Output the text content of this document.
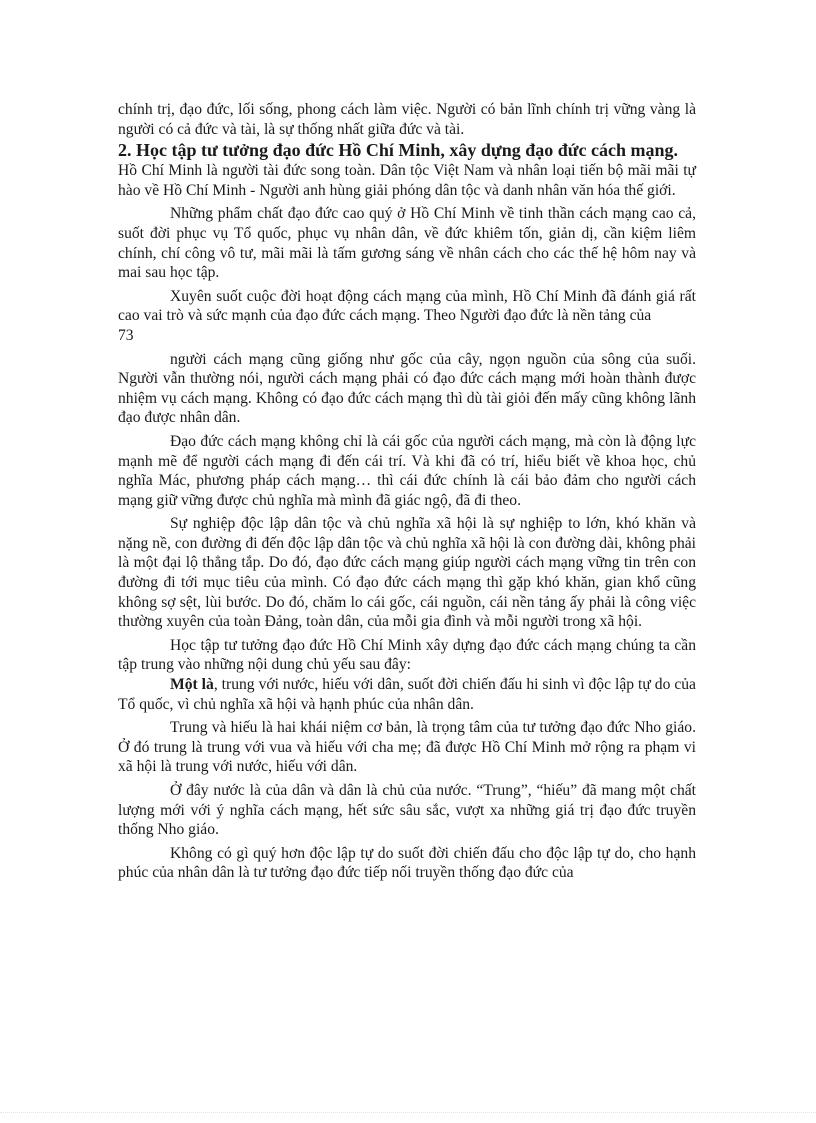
chính trị, đạo đức, lối sống, phong cách làm việc. Người có bản lĩnh chính trị vững vàng là người có cả đức và tài, là sự thống nhất giữa đức và tài.

2. Học tập tư tưởng đạo đức Hồ Chí Minh, xây dựng đạo đức cách mạng.

Hồ Chí Minh là người tài đức song toàn. Dân tộc Việt Nam và nhân loại tiến bộ mãi mãi tự hào về Hồ Chí Minh - Người anh hùng giải phóng dân tộc và danh nhân văn hóa thế giới.

Những phẩm chất đạo đức cao quý ở Hồ Chí Minh về tinh thần cách mạng cao cả, suốt đời phục vụ Tổ quốc, phục vụ nhân dân, về đức khiêm tốn, giản dị, cần kiệm liêm chính, chí công vô tư, mãi mãi là tấm gương sáng về nhân cách cho các thế hệ hôm nay và mai sau học tập.

Xuyên suốt cuộc đời hoạt động cách mạng của mình, Hồ Chí Minh đã đánh giá rất cao vai trò và sức mạnh của đạo đức cách mạng. Theo Người đạo đức là nền tảng của

73

người cách mạng cũng giống như gốc của cây, ngọn nguồn của sông của suối. Người vẫn thường nói, người cách mạng phải có đạo đức cách mạng mới hoàn thành được nhiệm vụ cách mạng. Không có đạo đức cách mạng thì dù tài giỏi đến mấy cũng không lãnh đạo được nhân dân.

Đạo đức cách mạng không chỉ là cái gốc của người cách mạng, mà còn là động lực mạnh mẽ để người cách mạng đi đến cái trí. Và khi đã có trí, hiểu biết về khoa học, chủ nghĩa Mác, phương pháp cách mạng… thì cái đức chính là cái bảo đảm cho người cách mạng giữ vững được chủ nghĩa mà mình đã giác ngộ, đã đi theo.

Sự nghiệp độc lập dân tộc và chủ nghĩa xã hội là sự nghiệp to lớn, khó khăn và nặng nề, con đường đi đến độc lập dân tộc và chủ nghĩa xã hội là con đường dài, không phải là một đại lộ thẳng tắp. Do đó, đạo đức cách mạng giúp người cách mạng vững tin trên con đường đi tới mục tiêu của mình. Có đạo đức cách mạng thì gặp khó khăn, gian khổ cũng không sợ sệt, lùi bước. Do đó, chăm lo cái gốc, cái nguồn, cái nền tảng ấy phải là công việc thường xuyên của toàn Đảng, toàn dân, của mỗi gia đình và mỗi người trong xã hội.

Học tập tư tưởng đạo đức Hồ Chí Minh xây dựng đạo đức cách mạng chúng ta cần tập trung vào những nội dung chủ yếu sau đây:

Một là, trung với nước, hiếu với dân, suốt đời chiến đấu hi sinh vì độc lập tự do của Tổ quốc, vì chủ nghĩa xã hội và hạnh phúc của nhân dân.

Trung và hiếu là hai khái niệm cơ bản, là trọng tâm của tư tưởng đạo đức Nho giáo. Ở đó trung là trung với vua và hiếu với cha mẹ; đã được Hồ Chí Minh mở rộng ra phạm vi xã hội là trung với nước, hiếu với dân.

Ở đây nước là của dân và dân là chủ của nước. “Trung”, “hiếu” đã mang một chất lượng mới với ý nghĩa cách mạng, hết sức sâu sắc, vượt xa những giá trị đạo đức truyền thống Nho giáo.

Không có gì quý hơn độc lập tự do suốt đời chiến đấu cho độc lập tự do, cho hạnh phúc của nhân dân là tư tưởng đạo đức tiếp nối truyền thống đạo đức của
